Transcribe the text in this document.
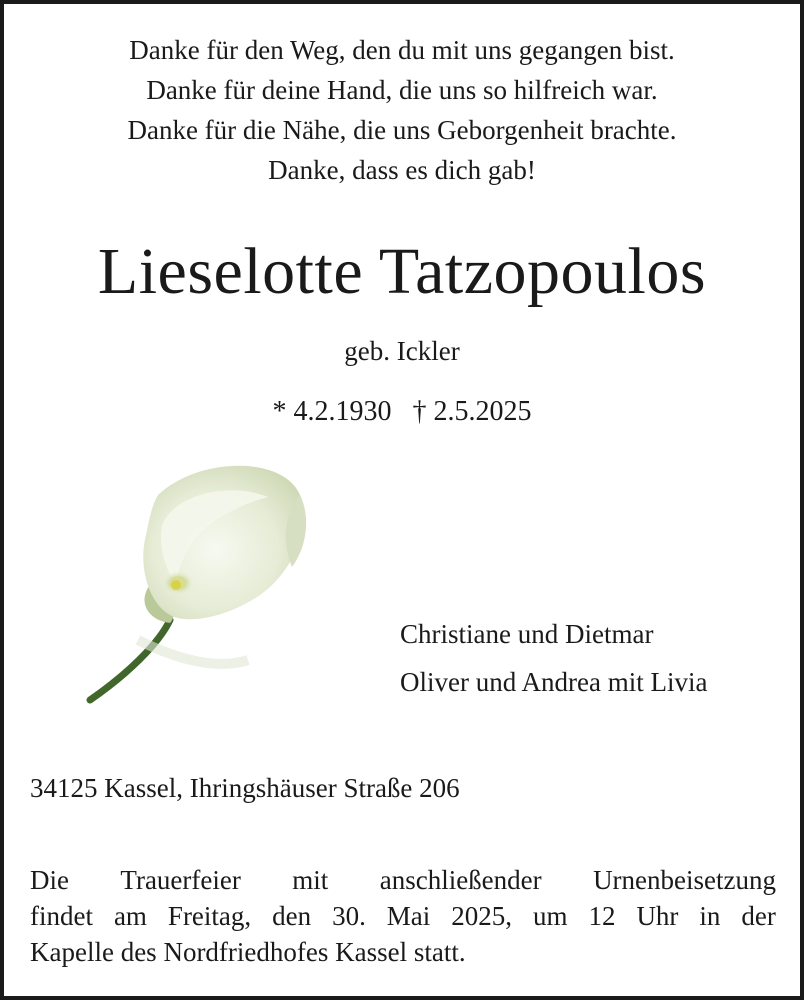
Danke für den Weg, den du mit uns gegangen bist.
Danke für deine Hand, die uns so hilfreich war.
Danke für die Nähe, die uns Geborgenheit brachte.
Danke, dass es dich gab!
Lieselotte Tatzopoulos
geb. Ickler
* 4.2.1930 † 2.5.2025
Christiane und Dietmar
Oliver und Andrea mit Livia
34125 Kassel, Ihringshäuser Straße 206
Die Trauerfeier mit anschließender Urnenbeisetzung
findet am Freitag, den 30. Mai 2025, um 12 Uhr in der
Kapelle des Nordfriedhofes Kassel statt.
